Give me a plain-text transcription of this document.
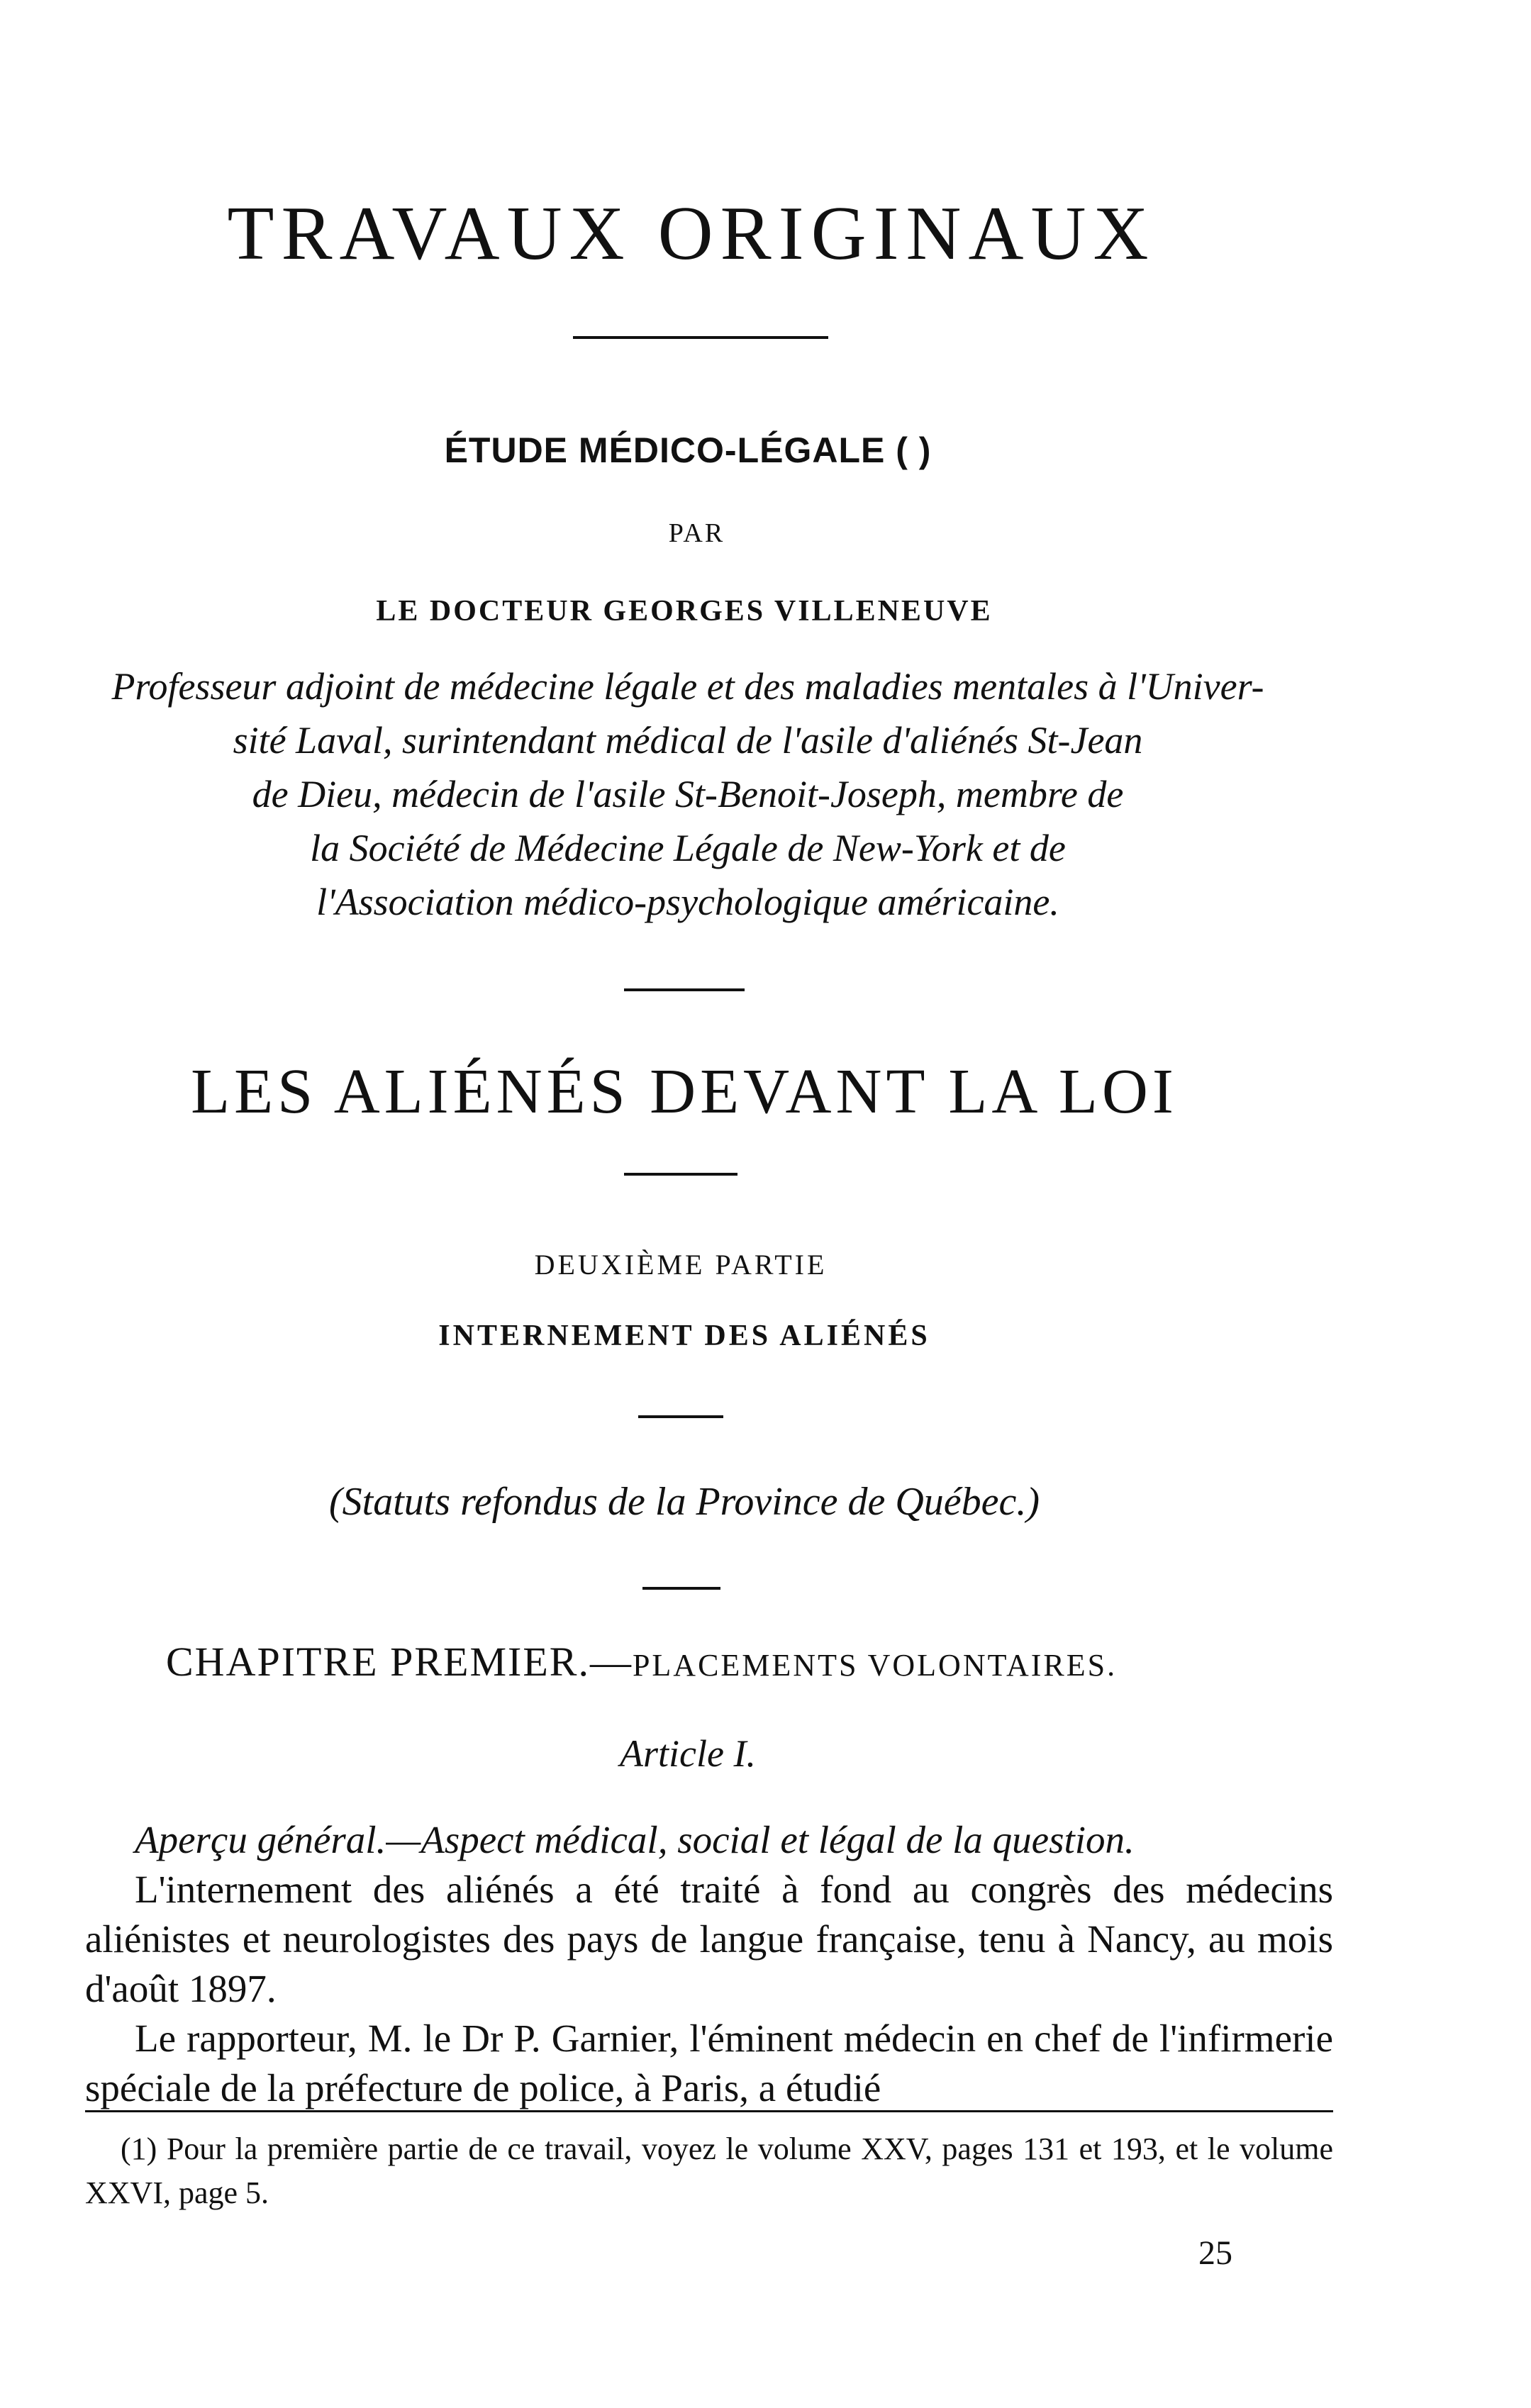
TRAVAUX ORIGINAUX
ÉTUDE MÉDICO-LÉGALE ( )
PAR
LE DOCTEUR GEORGES VILLENEUVE
Professeur adjoint de médecine légale et des maladies mentales à l'Univer-
sité Laval, surintendant médical de l'asile d'aliénés St-Jean
de Dieu, médecin de l'asile St-Benoit-Joseph, membre de
la Société de Médecine Légale de New-York et de
l'Association médico-psychologique américaine.
LES ALIÉNÉS DEVANT LA LOI
DEUXIÈME PARTIE
INTERNEMENT DES ALIÉNÉS
(Statuts refondus de la Province de Québec.)
CHAPITRE PREMIER.—PLACEMENTS VOLONTAIRES.
Article I.

Aperçu général.—Aspect médical, social et légal de la question.

L'internement des aliénés a été traité à fond au congrès des médecins aliénistes et neurologistes des pays de langue française, tenu à Nancy, au mois d'août 1897.

Le rapporteur, M. le Dr P. Garnier, l'éminent médecin en chef de l'infirmerie spéciale de la préfecture de police, à Paris, a étudié

(1) Pour la première partie de ce travail, voyez le volume XXV, pages 131 et 193, et le volume XXVI, page 5.

25
